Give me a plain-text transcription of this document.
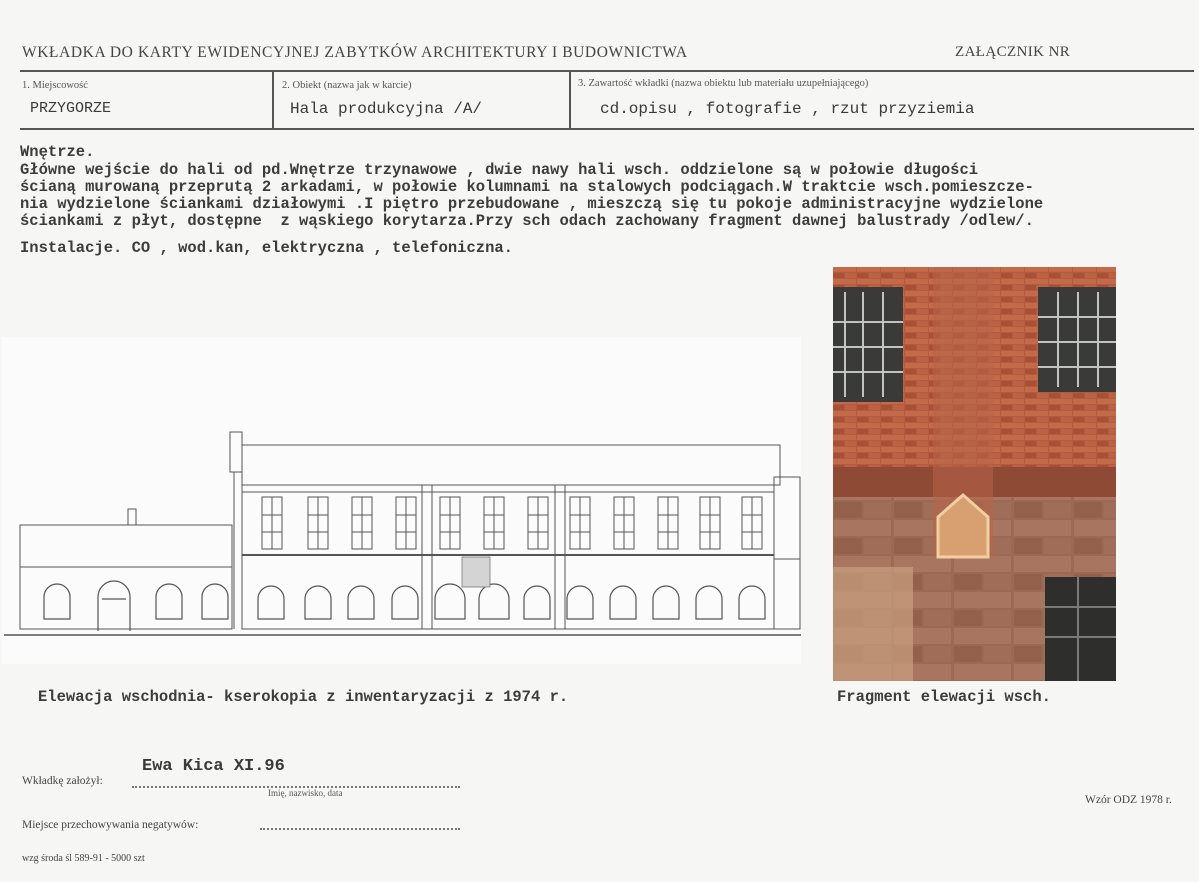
WKŁADKA DO KARTY EWIDENCYJNEJ ZABYTKÓW ARCHITEKTURY I BUDOWNICTWA	ZAŁĄCZNIK NR
1. Miejscowość
PRZYGORZE
2. Obiekt (nazwa jak w karcie)
Hala produkcyjna /A/
3. Zawartość wkładki (nazwa obiektu lub materiału uzupełniającego)
cd.opisu , fotografie , rzut przyziemia
Wnętrze.
Główne wejście do hali od pd.Wnętrze trzynawowe , dwie nawy hali wsch. oddzielone są w połowie długości
ścianą murowaną przeprutą 2 arkadami, w połowie kolumnami na stalowych podciągach.W traktcie wsch.pomieszcze-
nia wydzielone ściankami działowymi .I piętro przebudowane , mieszczą się tu pokoje administracyjne wydzielone
ściankami z płyt, dostępne  z wąskiego korytarza.Przy sch odach zachowany fragment dawnej balustrady /odlew/.
Instalacje. CO , wod.kan, elektryczna , telefoniczna.
Elewacja wschodnia- kserokopia z inwentaryzacji z 1974 r.	Fragment elewacji wsch.
Ewa Kica XI.96
Wkładkę założył:
Imię, nazwisko, data
Wzór ODZ 1978 r.
Miejsce przechowywania negatywów:
wzg środa śl 589-91 - 5000 szt
